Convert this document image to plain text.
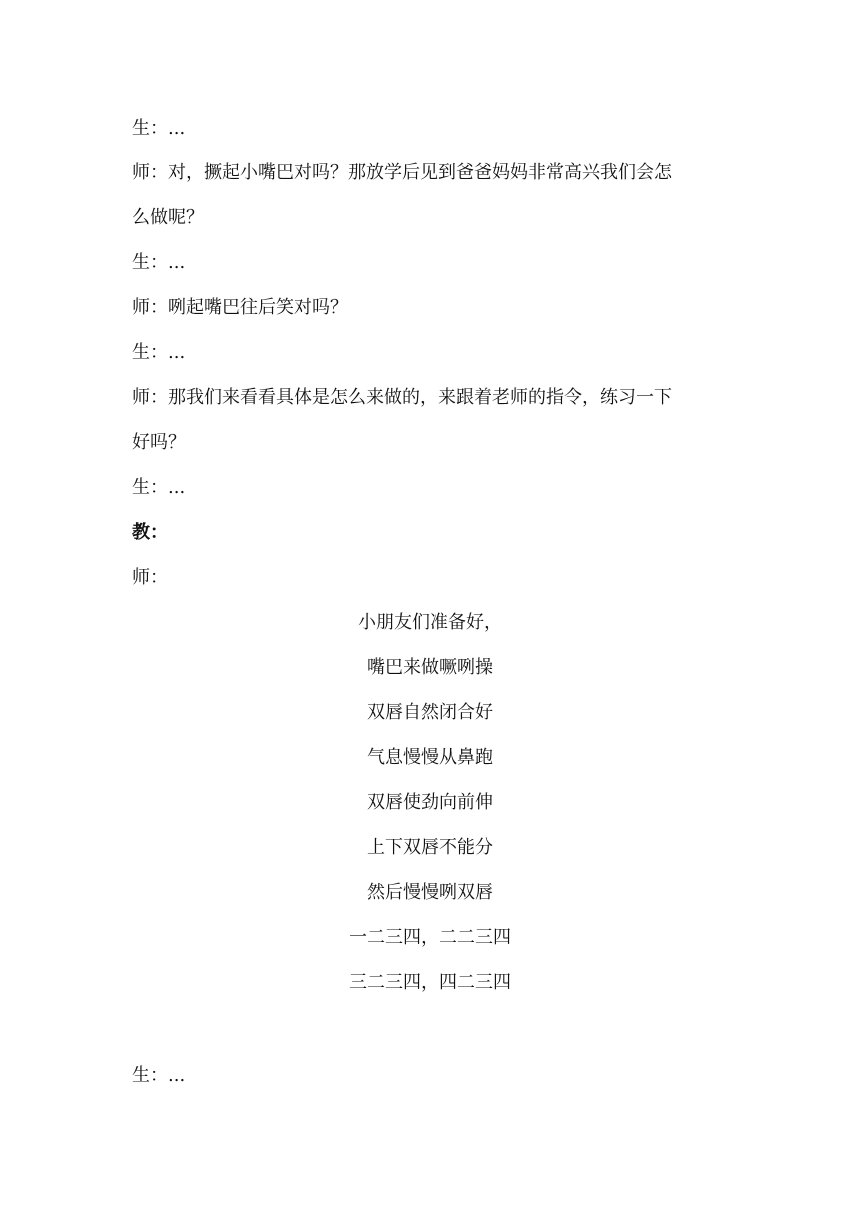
生：...

师：对，撅起小嘴巴对吗？那放学后见到爸爸妈妈非常高兴我们会怎

么做呢？

生：...

师：咧起嘴巴往后笑对吗？

生：...

师：那我们来看看具体是怎么来做的，来跟着老师的指令，练习一下

好吗？

生：...

教：

师：

小朋友们准备好，

嘴巴来做噘咧操

双唇自然闭合好

气息慢慢从鼻跑

双唇使劲向前伸

上下双唇不能分

然后慢慢咧双唇

一二三四，二二三四

三二三四，四二三四

生：...
